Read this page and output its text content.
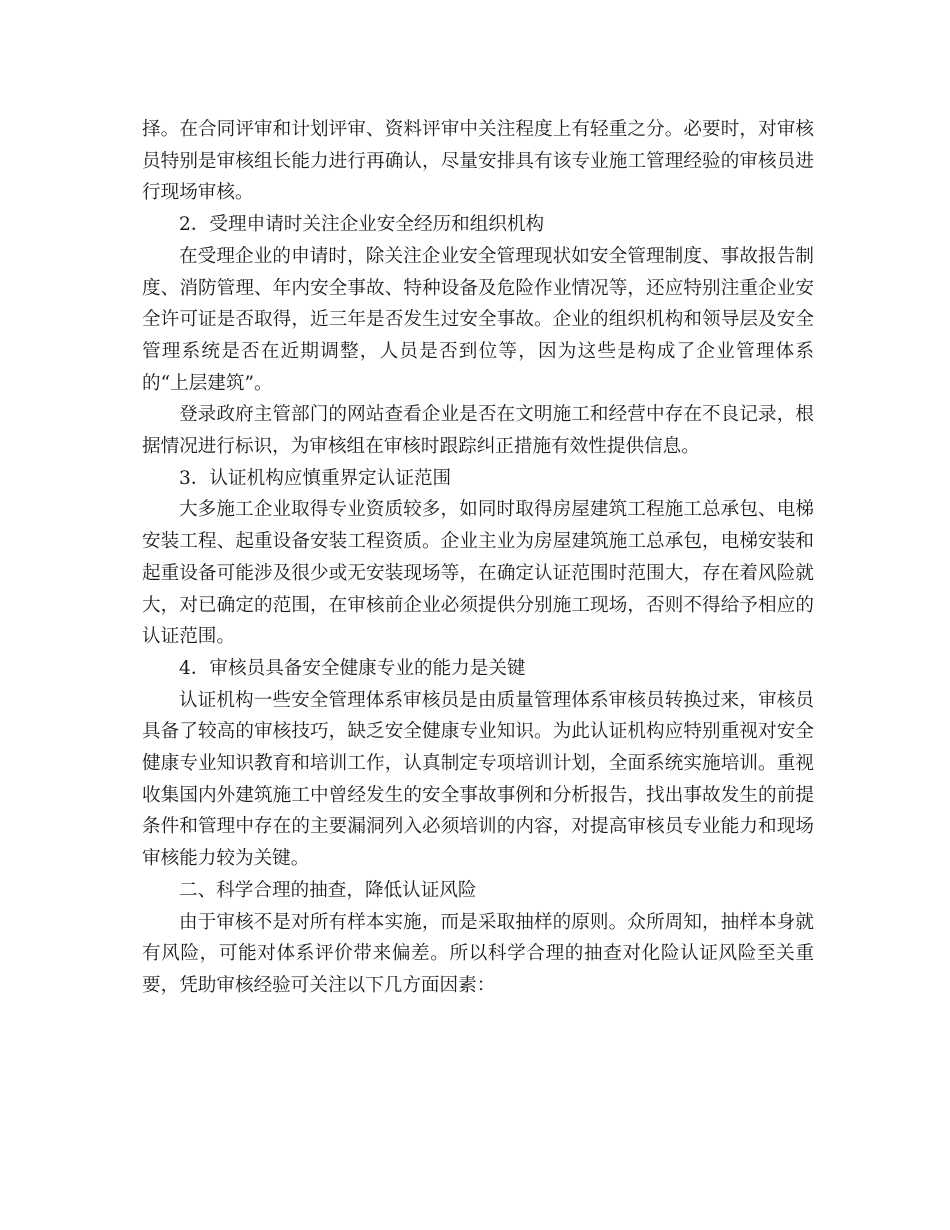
择。在合同评审和计划评审、资料评审中关注程度上有轻重之分。必要时，对审核员特别是审核组长能力进行再确认，尽量安排具有该专业施工管理经验的审核员进行现场审核。

2．受理申请时关注企业安全经历和组织机构

在受理企业的申请时，除关注企业安全管理现状如安全管理制度、事故报告制度、消防管理、年内安全事故、特种设备及危险作业情况等，还应特别注重企业安全许可证是否取得，近三年是否发生过安全事故。企业的组织机构和领导层及安全管理系统是否在近期调整，人员是否到位等，因为这些是构成了企业管理体系的“上层建筑”。

登录政府主管部门的网站查看企业是否在文明施工和经营中存在不良记录，根据情况进行标识，为审核组在审核时跟踪纠正措施有效性提供信息。

3．认证机构应慎重界定认证范围

大多施工企业取得专业资质较多，如同时取得房屋建筑工程施工总承包、电梯安装工程、起重设备安装工程资质。企业主业为房屋建筑施工总承包，电梯安装和起重设备可能涉及很少或无安装现场等，在确定认证范围时范围大，存在着风险就大，对已确定的范围，在审核前企业必须提供分别施工现场，否则不得给予相应的认证范围。

4．审核员具备安全健康专业的能力是关键

认证机构一些安全管理体系审核员是由质量管理体系审核员转换过来，审核员具备了较高的审核技巧，缺乏安全健康专业知识。为此认证机构应特别重视对安全健康专业知识教育和培训工作，认真制定专项培训计划，全面系统实施培训。重视收集国内外建筑施工中曾经发生的安全事故事例和分析报告，找出事故发生的前提条件和管理中存在的主要漏洞列入必须培训的内容，对提高审核员专业能力和现场审核能力较为关键。

二、科学合理的抽查，降低认证风险

由于审核不是对所有样本实施，而是采取抽样的原则。众所周知，抽样本身就有风险，可能对体系评价带来偏差。所以科学合理的抽查对化险认证风险至关重要，凭助审核经验可关注以下几方面因素：
